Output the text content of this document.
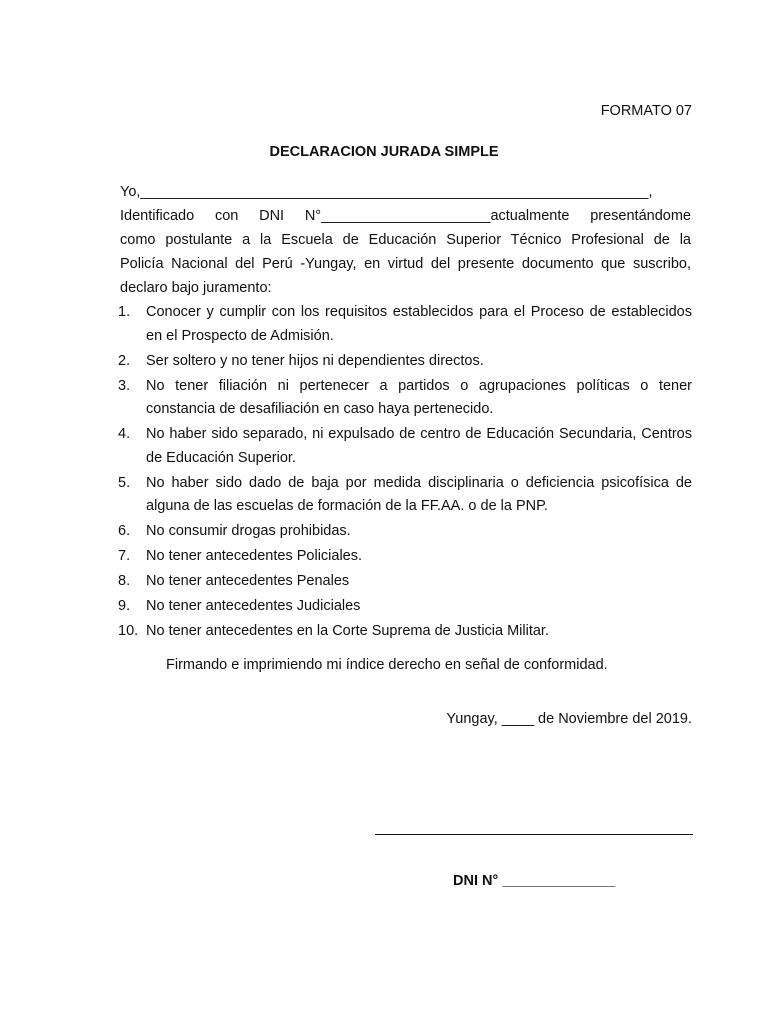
FORMATO 07
DECLARACION JURADA SIMPLE
Yo,_______________________________________________________________,
Identificado con DNI N°_____________________actualmente presentándome
como postulante a la Escuela de Educación Superior Técnico Profesional de la
Policía Nacional del Perú -Yungay, en virtud del presente documento que suscribo,
declaro bajo juramento:
1. Conocer y cumplir con los requisitos establecidos para el Proceso de establecidos en el Prospecto de Admisión.
2. Ser soltero y no tener hijos ni dependientes directos.
3. No tener filiación ni pertenecer a partidos o agrupaciones políticas o tener constancia de desafiliación en caso haya pertenecido.
4. No haber sido separado, ni expulsado de centro de Educación Secundaria, Centros de Educación Superior.
5. No haber sido dado de baja por medida disciplinaria o deficiencia psicofísica de alguna de las escuelas de formación de la FF.AA. o de la PNP.
6. No consumir drogas prohibidas.
7. No tener antecedentes Policiales.
8. No tener antecedentes Penales
9. No tener antecedentes Judiciales
10. No tener antecedentes en la Corte Suprema de Justicia Militar.
Firmando e imprimiendo mi índice derecho en señal de conformidad.
Yungay, ____ de Noviembre del 2019.
DNI N° ______________
